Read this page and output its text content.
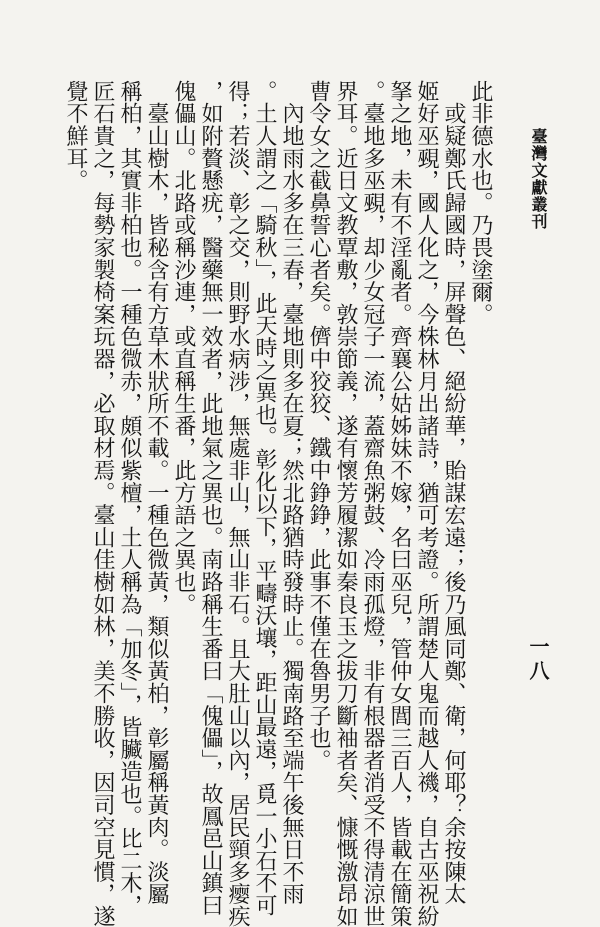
臺灣文獻叢刊
一八
　或疑鄭氏歸國時，屏聲色、絕紛華，貽謀宏遠；後乃風同鄭、衛，何耶？余按陳太
姬好巫覡，國人化之，今株林月出諸詩，猶可考證。所謂楚人鬼而越人禨，自古巫祝紛
拏之地，未有不淫亂者。齊襄公姑姊妹不嫁，名曰巫兒，管仲女閭三百人，皆載在簡策
。臺地多巫覡，却少女冠子一流，蓋齋魚粥鼓、冷雨孤燈，非有根器者消受不得清涼世
界耳。近日文教覃敷，敦崇節義，遂有懷芳履潔如秦良玉之拔刀斷袖者矣、慷慨激昂如
曹令女之截鼻誓心者矣。儕中狡狡、鐵中錚錚，此事不僅在魯男子也。
　內地雨水多在三春，臺地則多在夏；然北路猶時發時止。獨南路至端午後無日不雨
。土人謂之「騎秋」，此天時之異也。彰化以下，平疇沃壤，距山最遠，覓一小石不可
得；若淡、彰之交，則野水病涉，無處非山，無山非石。且大肚山以內，居民頸多瘿疾
，如附贅懸疣，醫藥無一效者，此地氣之異也。南路稱生番曰「傀儡」，故鳳邑山鎮曰
傀儡山。北路或稱沙連，或直稱生番，此方語之異也。
　臺山樹木，皆秘含有方草木狀所不載。一種色微黃，類似黃柏，彰屬稱黃肉。淡屬
稱柏，其實非柏也。一種色微赤，頗似紫檀，土人稱為「加冬」，皆臟造也。比二木，
匠石貴之，每勢家製椅案玩器，必取材焉。臺山佳樹如林，美不勝收，因司空見慣，遂
覺不鮮耳。	此非德水也。乃畏塗爾。
